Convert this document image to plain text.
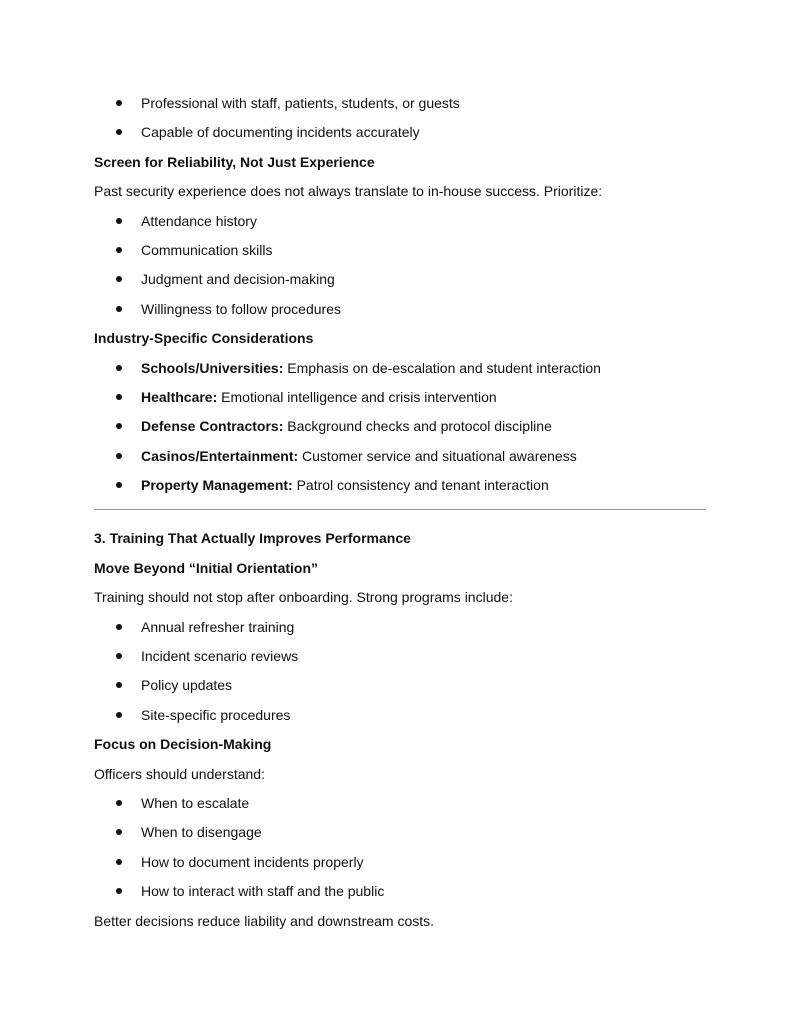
Professional with staff, patients, students, or guests
Capable of documenting incidents accurately
Screen for Reliability, Not Just Experience
Past security experience does not always translate to in-house success. Prioritize:
Attendance history
Communication skills
Judgment and decision-making
Willingness to follow procedures
Industry-Specific Considerations
Schools/Universities: Emphasis on de-escalation and student interaction
Healthcare: Emotional intelligence and crisis intervention
Defense Contractors: Background checks and protocol discipline
Casinos/Entertainment: Customer service and situational awareness
Property Management: Patrol consistency and tenant interaction
3. Training That Actually Improves Performance
Move Beyond “Initial Orientation”
Training should not stop after onboarding. Strong programs include:
Annual refresher training
Incident scenario reviews
Policy updates
Site-specific procedures
Focus on Decision-Making
Officers should understand:
When to escalate
When to disengage
How to document incidents properly
How to interact with staff and the public
Better decisions reduce liability and downstream costs.
